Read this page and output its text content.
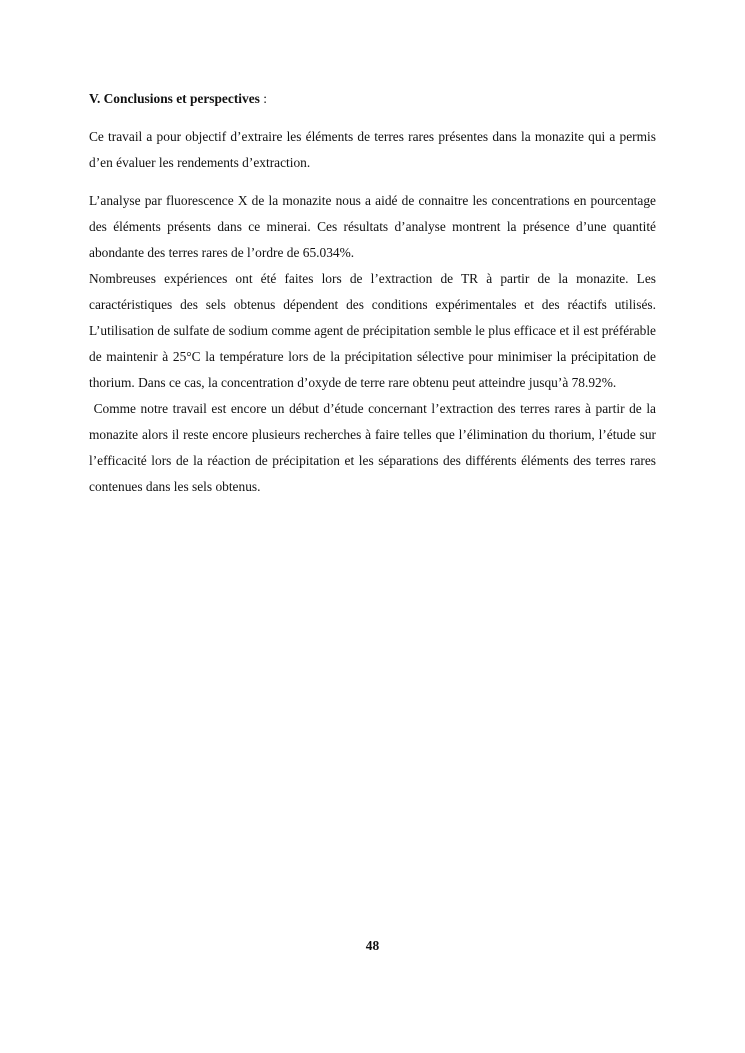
V. Conclusions et perspectives :

Ce travail a pour objectif d’extraire les éléments de terres rares présentes dans la monazite qui a permis d’en évaluer les rendements d’extraction.

L’analyse par fluorescence X de la monazite nous a aidé de connaitre les concentrations en pourcentage des éléments présents dans ce minerai. Ces résultats d’analyse montrent la présence d’une quantité abondante des terres rares de l’ordre de 65.034%.

Nombreuses expériences ont été faites lors de l’extraction de TR à partir de la monazite. Les caractéristiques des sels obtenus dépendent des conditions expérimentales et des réactifs utilisés. L’utilisation de sulfate de sodium comme agent de précipitation semble le plus efficace et il est préférable de maintenir à 25°C la température lors de la précipitation sélective pour minimiser la précipitation de thorium. Dans ce cas, la concentration d’oxyde de terre rare obtenu peut atteindre jusqu’à 78.92%.

Comme notre travail est encore un début d’étude concernant l’extraction des terres rares à partir de la monazite alors il reste encore plusieurs recherches à faire telles que l’élimination du thorium, l’étude sur l’efficacité lors de la réaction de précipitation et les séparations des différents éléments des terres rares contenues dans les sels obtenus.

48
